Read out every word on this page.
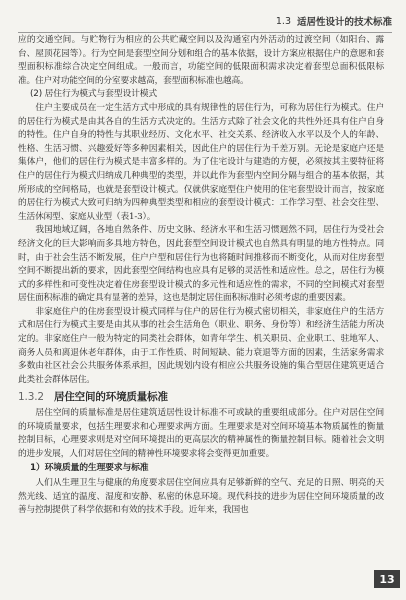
1.3 适居性设计的技术标准

应的交通空间。与贮物行为相应的公共贮藏空间以及沟通室内外活动的过渡空间（如阳台、露台、屋顶花园等）。行为空间是套型空间分划和组合的基本依据，设计方案应根据住户的意愿和套型面积标准综合决定空间组成。一般而言，功能空间的低限面积需求决定着套型总面积低限标准。住户对功能空间的分室要求越高，套型面积标准也越高。

(2) 居住行为模式与套型设计模式

住户主要成员在一定生活方式中形成的具有规律性的居住行为，可称为居住行为模式。住户的居住行为模式是由其各自的生活方式决定的。生活方式除了社会文化的共性外还具有住户自身的特性。住户自身的特性与其职业经历、文化水平、社交关系、经济收入水平以及个人的年龄、性格、生活习惯、兴趣爱好等多种因素相关，因此住户的居住行为千差万别。无论是家庭户还是集体户，他们的居住行为模式是丰富多样的。为了住宅设计与建造的方便，必须按其主要特征将住户的居住行为模式归纳成几种典型的类型，并以此作为套型内空间分隔与组合的基本依据，其所形成的空间格局，也就是套型设计模式。仅就供家庭型住户使用的住宅套型设计而言，按家庭的居住行为模式大致可归纳为四种典型类型和相应的套型设计模式：工作学习型、社会交往型、生活休闲型、家庭从业型（表1-3）。

我国地域辽阔，各地自然条件、历史文脉、经济水平和生活习惯迥然不同，居住行为受社会经济文化的巨大影响而多具地方特色，因此套型空间设计模式也自然具有明显的地方性特点。同时，由于社会生活不断发展，住户户型和居住行为也将随时间推移而不断变化，从而对住房套型空间不断提出新的要求，因此套型空间结构也应具有足够的灵活性和适应性。总之，居住行为模式的多样性和可变性决定着住房套型设计模式的多元性和适应性的需求，不同的空间模式对套型居住面积标准的确定具有显著的差异，这也是制定居住面积标准时必须考虑的重要因素。

非家庭住户的住房套型设计模式同样与住户的居住行为模式密切相关，非家庭住户的生活方式和居住行为模式主要是由其从事的社会生活角色（职业、职务、身份等）和经济生活能力所决定的。非家庭住户一般为特定的同类社会群体，如青年学生、机关职员、企业职工、驻地军人、商务人员和离退休老年群体，由于工作性质、时间短缺、能力衰退等方面的因素，生活家务需求多数由社区社会公共服务体系承担，因此规划内设有相应公共服务设施的集合型居住建筑更适合此类社会群体居住。

1.3.2 居住空间的环境质量标准

居住空间的质量标准是居住建筑适居性设计标准不可或缺的重要组成部分。住户对居住空间的环境质量要求，包括生理要求和心理要求两方面。生理要求是对空间环境基本物质属性的衡量控制目标，心理要求则是对空间环境提出的更高层次的精神属性的衡量控制目标。随着社会文明的进步发展，人们对居住空间的精神性环境要求将会变得更加重要。

1）环境质量的生理要求与标准

人们从生理卫生与健康的角度要求居住空间应具有足够新鲜的空气、充足的日照、明亮的天然光线、适宜的温度、湿度和安静、私密的休息环境。现代科技的进步为居住空间环境质量的改善与控制提供了科学依据和有效的技术手段。近年来，我国也

13
